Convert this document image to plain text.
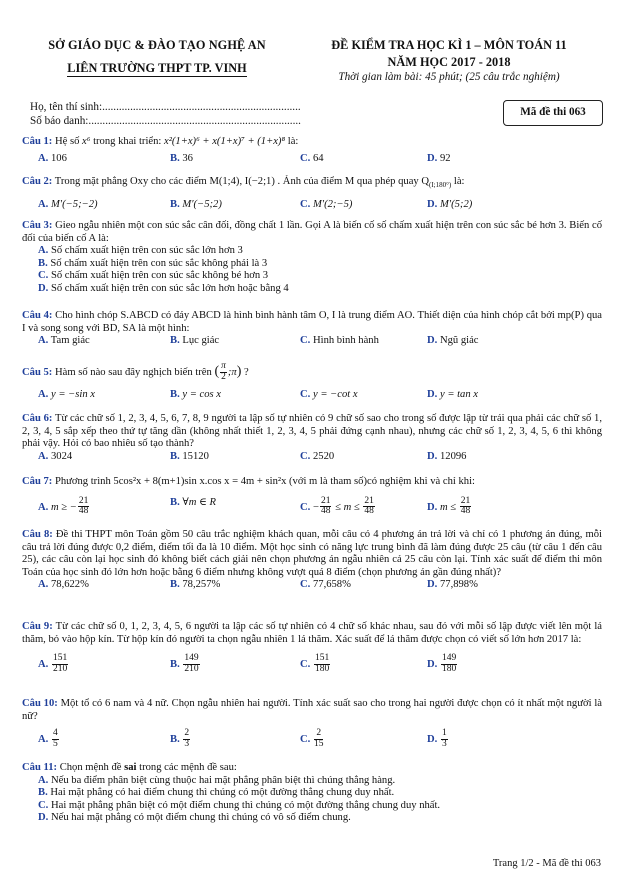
SỞ GIÁO DỤC & ĐÀO TẠO NGHỆ AN
LIÊN TRƯỜNG THPT TP. VINH
ĐỀ KIỂM TRA HỌC KÌ 1 – MÔN TOÁN 11
NĂM HỌC 2017 - 2018
Thời gian làm bài: 45 phút; (25 câu trắc nghiệm)
Họ, tên thí sinh:.......................................................................
Số báo danh:............................................................................
Mã đề thi 063
Câu 1: Hệ số x⁶ trong khai triển: x²(1+x)⁶ + x(1+x)⁷ + (1+x)⁸ là:
A. 106	B. 36	C. 64	D. 92
Câu 2: Trong mặt phẳng Oxy cho các điểm M(1;4), I(−2;1) . Ảnh của điểm M qua phép quay $Q_{(I;180^\circ)}$ là:
A. M′(−5;−2)	B. M′(−5;2)	C. M′(2;−5)	D. M′(5;2)
Câu 3: Gieo ngẫu nhiên một con súc sắc cân đối, đồng chất 1 lần. Gọi A là biến cố số chấm xuất hiện trên con súc sắc bé hơn 3. Biến cố đối của biến cố A là:
A. Số chấm xuất hiện trên con súc sắc lớn hơn 3
B. Số chấm xuất hiện trên con súc sắc không phải là 3
C. Số chấm xuất hiện trên con súc sắc không bé hơn 3
D. Số chấm xuất hiện trên con súc sắc lớn hơn hoặc bằng 4
Câu 4: Cho hình chóp S.ABCD có đáy ABCD là hình bình hành tâm O, I là trung điểm AO. Thiết diện của hình chóp cắt bởi mp(P) qua I và song song với BD, SA là một hình:
A. Tam giác	B. Lục giác	C. Hình bình hành	D. Ngũ giác
Câu 5: Hàm số nào sau đây nghịch biến trên ( $\frac{\pi}{2}$ ;π) ?
A. y = −sin x	B. y = cos x	C. y = −cot x	D. y = tan x
Câu 6: Từ các chữ số 1, 2, 3, 4, 5, 6, 7, 8, 9 người ta lập số tự nhiên có 9 chữ số sao cho trong số được lập từ trái qua phải các chữ số 1, 2, 3, 4, 5 sắp xếp theo thứ tự tăng dần (không nhất thiết 1, 2, 3, 4, 5 phải đứng cạnh nhau), nhưng các chữ số 1, 2, 3, 4, 5, 6 thì không phải vậy. Hỏi có bao nhiêu số tạo thành?
A. 3024	B. 15120	C. 2520	D. 12096
Câu 7: Phương trình 5cos²x + 8(m+1)sin x.cos x = 4m + sin²x (với m là tham số)có nghiệm khi và chỉ khi:
A. m ≥ − $\frac{21}{48}$	B. ∀m ∈ R	C. − $\frac{21}{48} \le m \le \frac{21}{48}$	D. $m \le \frac{21}{48}$
Câu 8: Đề thi THPT môn Toán gồm 50 câu trắc nghiệm khách quan, mỗi câu có 4 phương án trả lời và chỉ có 1 phương án đúng, mỗi câu trả lời đúng được 0,2 điểm, điểm tối đa là 10 điểm. Một học sinh có năng lực trung bình đã làm đúng được 25 câu (từ câu 1 đến câu 25), các câu còn lại học sinh đó không biết cách giải nên chọn phương án ngẫu nhiên cả 25 câu còn lại. Tính xác suất để điểm thi môn Toán của học sinh đó lớn hơn hoặc bằng 6 điểm nhưng không vượt quá 8 điểm (chọn phương án gần đúng nhất)?
A. 78,622%	B. 78,257%	C. 77,658%	D. 77,898%
Câu 9: Từ các chữ số 0, 1, 2, 3, 4, 5, 6 người ta lập các số tự nhiên có 4 chữ số khác nhau, sau đó với mỗi số lập được viết lên một lá thăm, bỏ vào hộp kín. Từ hộp kín đó người ta chọn ngẫu nhiên 1 lá thăm. Xác suất để lá thăm được chọn có viết số lớn hơn 2017 là:
A. $\frac{151}{210}$	B. $\frac{149}{210}$	C. $\frac{151}{180}$	D. $\frac{149}{180}$
Câu 10: Một tổ có 6 nam và 4 nữ. Chọn ngẫu nhiên hai người. Tính xác suất sao cho trong hai người được chọn có ít nhất một người là nữ?
A. $\frac{4}{5}$	B. $\frac{2}{3}$	C. $\frac{2}{15}$	D. $\frac{1}{3}$
Câu 11: Chọn mệnh đề sai trong các mệnh đề sau:
A. Nếu ba điểm phân biệt cùng thuộc hai mặt phẳng phân biệt thì chúng thẳng hàng.
B. Hai mặt phẳng có hai điểm chung thì chúng có một đường thẳng chung duy nhất.
C. Hai mặt phẳng phân biệt có một điểm chung thì chúng có một đường thẳng chung duy nhất.
D. Nếu hai mặt phẳng có một điểm chung thì chúng có vô số điểm chung.
Trang 1/2 - Mã đề thi 063
